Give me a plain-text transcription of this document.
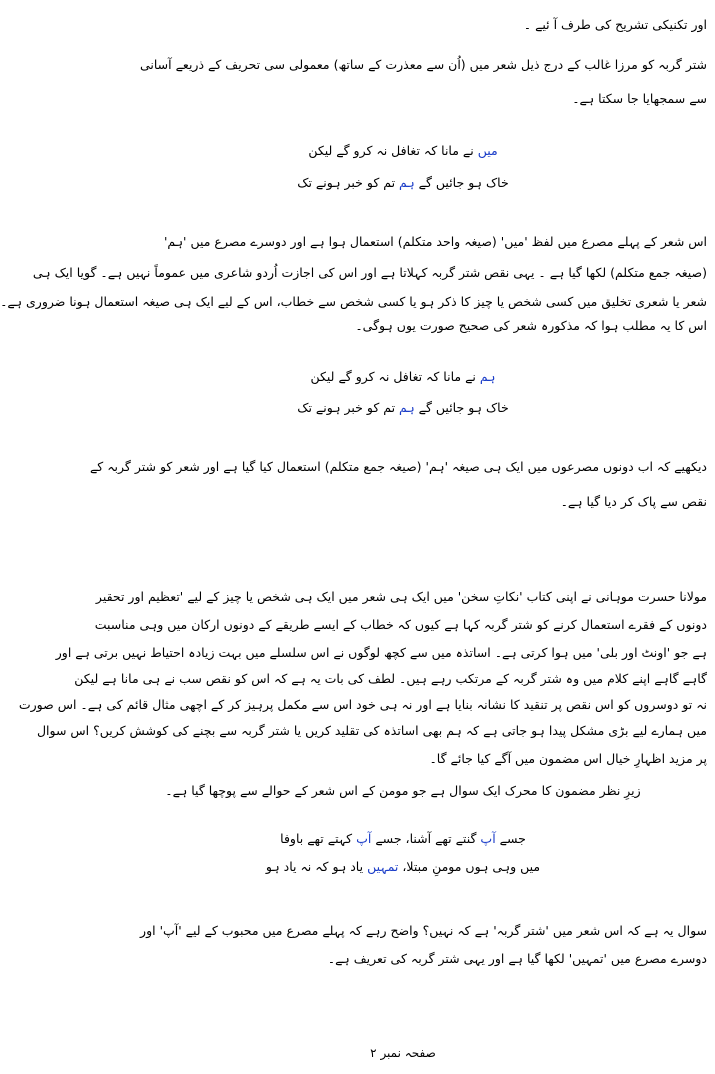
اور تکنیکی تشریح کی طرف آ ئیے ۔
شتر گربہ کو مرزا غالب کے درج ذیل شعر میں (اُن سے معذرت کے ساتھ) معمولی سی تحریف کے ذریعے آسانی
سے سمجھایا جا سکتا ہے۔
میں نے مانا کہ تغافل نہ کرو گے لیکن
خاک ہو جائیں گے ہم تم کو خبر ہونے تک
اس شعر کے پہلے مصرع میں لفظ 'میں' (صیغہ واحد متکلم) استعمال ہوا ہے اور دوسرے مصرع میں 'ہم'
(صیغہ جمع متکلم) لکھا گیا ہے ۔ یہی نقص شتر گربہ کہلاتا ہے اور اس کی اجازت اُردو شاعری میں عموماً نہیں ہے۔ گویا ایک ہی
شعر یا شعری تخلیق میں کسی شخص یا چیز کا ذکر ہو یا کسی شخص سے خطاب، اس کے لیے ایک ہی صیغہ استعمال ہونا ضروری ہے۔
اس کا یہ مطلب ہوا کہ مذکورہ شعر کی صحیح صورت یوں ہوگی۔
ہم نے مانا کہ تغافل نہ کرو گے لیکن
خاک ہو جائیں گے ہم تم کو خبر ہونے تک
دیکھیے کہ اب دونوں مصرعوں میں ایک ہی صیغہ 'ہم' (صیغہ جمع متکلم) استعمال کیا گیا ہے اور شعر کو شتر گربہ کے
نقص سے پاک کر دیا گیا ہے۔
مولانا حسرت موہانی نے اپنی کتاب 'نکاتِ سخن' میں ایک ہی شعر میں ایک ہی شخص یا چیز کے لیے 'تعظیم اور تحقیر
دونوں کے فقرے استعمال کرنے کو شتر گربہ کہا ہے کیوں کہ خطاب کے ایسے طریقے کے دونوں ارکان میں وہی مناسبت
ہے جو 'اونٹ اور بلی' میں ہوا کرتی ہے۔ اساتذہ میں سے کچھ لوگوں نے اس سلسلے میں بہت زیادہ احتیاط نہیں برتی ہے اور
گاہے گاہے اپنے کلام میں وہ شتر گربہ کے مرتکب رہے ہیں۔ لطف کی بات یہ ہے کہ اس کو نقص سب نے ہی مانا ہے لیکن
نہ تو دوسروں کو اس نقص پر تنقید کا نشانہ بنایا ہے اور نہ ہی خود اس سے مکمل پرہیز کر کے اچھی مثال قائم کی ہے۔ اس صورت
میں ہمارے لیے بڑی مشکل پیدا ہو جاتی ہے کہ ہم بھی اساتذہ کی تقلید کریں یا شتر گربہ سے بچنے کی کوشش کریں؟ اس سوال
پر مزید اظہارِ خیال اس مضمون میں آگے کیا جائے گا۔
زیرِ نظر مضمون کا محرک ایک سوال ہے جو مومن کے اس شعر کے حوالے سے پوچھا گیا ہے۔
جسے آپ گنتے تھے آشنا، جسے آپ کہتے تھے باوفا
میں وہی ہوں مومنِ مبتلا، تمہیں یاد ہو کہ نہ یاد ہو
سوال یہ ہے کہ اس شعر میں 'شتر گربہ' ہے کہ نہیں؟ واضح رہے کہ پہلے مصرع میں محبوب کے لیے 'آپ' اور
دوسرے مصرع میں 'تمہیں' لکھا گیا ہے اور یہی شتر گربہ کی تعریف ہے۔
صفحہ نمبر ۲
